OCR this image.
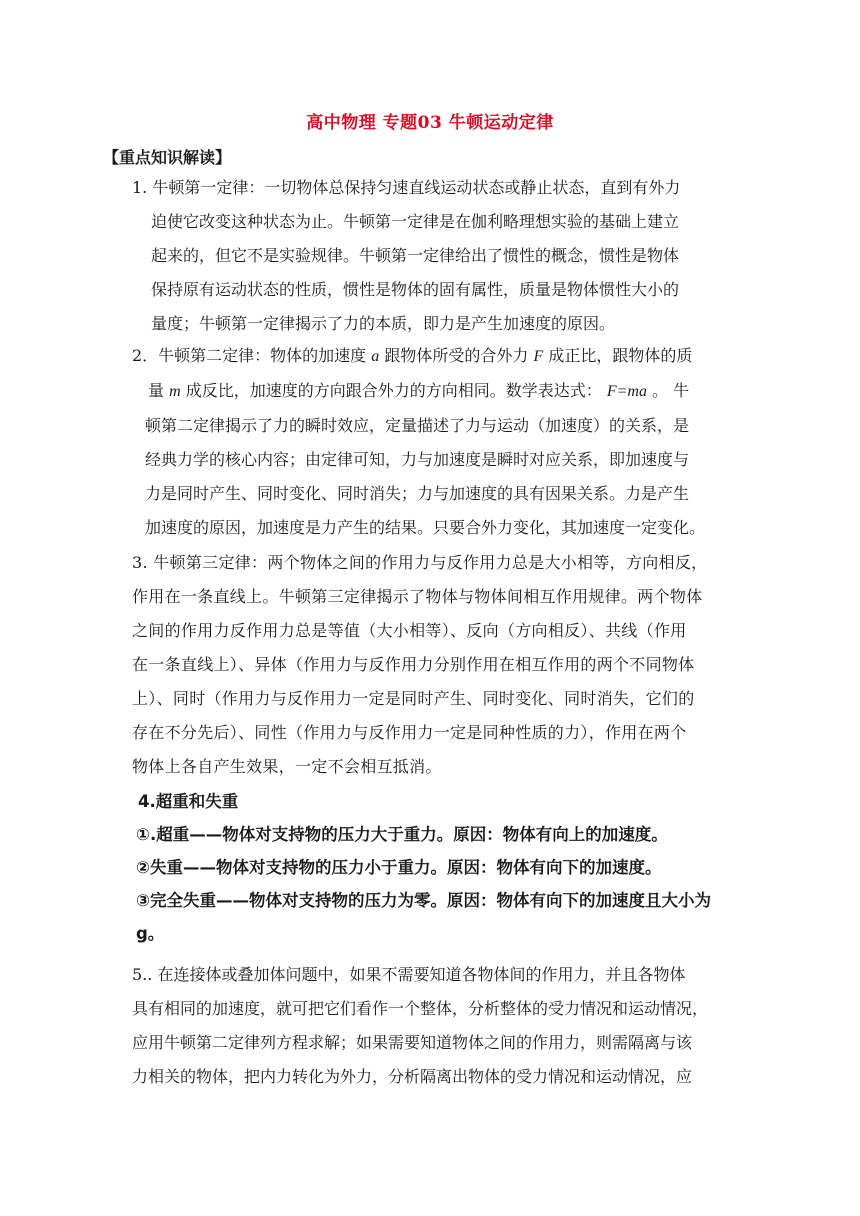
高中物理 专题03 牛顿运动定律
【重点知识解读】

1. 牛顿第一定律：一切物体总保持匀速直线运动状态或静止状态，直到有外力

迫使它改变这种状态为止。牛顿第一定律是在伽利略理想实验的基础上建立

起来的，但它不是实验规律。牛顿第一定律给出了惯性的概念，惯性是物体

保持原有运动状态的性质，惯性是物体的固有属性，质量是物体惯性大小的

量度；牛顿第一定律揭示了力的本质，即力是产生加速度的原因。

2．牛顿第二定律：物体的加速度 a 跟物体所受的合外力 F 成正比，跟物体的质

量 m 成反比，加速度的方向跟合外力的方向相同。数学表达式： F=ma 。 牛

顿第二定律揭示了力的瞬时效应，定量描述了力与运动（加速度）的关系，是

经典力学的核心内容；由定律可知，力与加速度是瞬时对应关系，即加速度与

力是同时产生、同时变化、同时消失；力与加速度的具有因果关系。力是产生

加速度的原因，加速度是力产生的结果。只要合外力变化，其加速度一定变化。

3. 牛顿第三定律：两个物体之间的作用力与反作用力总是大小相等，方向相反，

作用在一条直线上。牛顿第三定律揭示了物体与物体间相互作用规律。两个物体

之间的作用力反作用力总是等值（大小相等）、反向（方向相反）、共线（作用

在一条直线上）、异体（作用力与反作用力分别作用在相互作用的两个不同物体

上）、同时（作用力与反作用力一定是同时产生、同时变化、同时消失，它们的

存在不分先后）、同性（作用力与反作用力一定是同种性质的力），作用在两个

物体上各自产生效果，一定不会相互抵消。

4.超重和失重

①.超重——物体对支持物的压力大于重力。原因：物体有向上的加速度。

②失重——物体对支持物的压力小于重力。原因：物体有向下的加速度。

③完全失重——物体对支持物的压力为零。原因：物体有向下的加速度且大小为

g。

5.. 在连接体或叠加体问题中，如果不需要知道各物体间的作用力，并且各物体

具有相同的加速度，就可把它们看作一个整体，分析整体的受力情况和运动情况，

应用牛顿第二定律列方程求解；如果需要知道物体之间的作用力，则需隔离与该

力相关的物体，把内力转化为外力，分析隔离出物体的受力情况和运动情况，应
